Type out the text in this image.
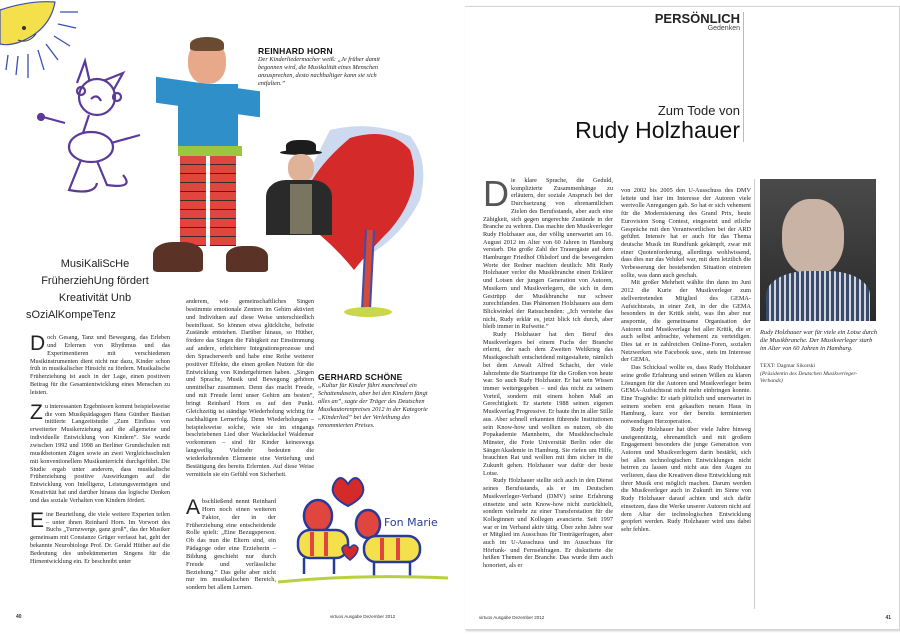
REINHARD HORN
Der Kinderliedermacher weiß: „Je früher damit begonnen wird, die Musikalität eines Menschen anzusprechen, desto nachhaltiger kann sie sich entfalten.”
GERHARD SCHÖNE
„Kultur für Kinder führt manchmal ein Schattendasein, aber bei den Kindern fängt alles an”, sagte der Träger des Deutschen Musikautorenpreises 2012 in der Kategorie „Kinderlied” bei der Verleihung des renommierten Preises.
MusiKaliScHe
FrüherziehUng fördert
Kreativität Unb
sOziAlKompeTenz

Doch Gesang, Tanz und Bewegung, das Erleben und Erlernen von Rhythmus und das Experimentieren mit verschiedenen Musikinstrumenten dient nicht nur dazu, Kinder schon früh in musikalischer Hinsicht zu fördern. Musikalische Früherziehung ist auch in der Lage, einen positiven Beitrag für die Gesamtentwicklung eines Menschen zu leisten.

Zu interessanten Ergebnissen kommt beispielsweise die vom Musikpädagogen Hans Günther Bastian initiierte Langzeitstudie „Zum Einfluss von erweiterter Musikerziehung auf die allgemeine und individuelle Entwicklung von Kindern”. Sie wurde zwischen 1992 und 1998 an Berliner Grundschulen mit musikbetonten Zügen sowie an zwei Vergleichsschulen mit konventionellem Musikunterricht durchgeführt. Die Studie ergab unter anderem, dass musikalische Früherziehung positive Auswirkungen auf die Entwicklung von Intelligenz, Leistungsvermögen und Kreativität hat und darüber hinaus das logische Denken und das soziale Verhalten von Kindern fördert.

Eine Beurteilung, die viele weitere Experten teilen – unter ihnen Reinhard Horn. Im Vorwort des Buchs „Turnzwerge, ganz groß”, das der Musiker gemeinsam mit Constanze Grüger verfasst hat, geht der bekannte Neurobiologe Prof. Dr. Gerald Hüther auf die Bedeutung des unbekümmerten Singens für die Hirnentwicklung ein. Er beschreibt unter

anderem, wie gemeinschaftliches Singen bestimmte emotionale Zentren im Gehirn aktiviert und Individuen auf diese Weise unterschiedlich beeinflusst. So können etwa glückliche, befreite Zustände entstehen. Darüber hinaus, so Hüther, fördere das Singen die Fähigkeit zur Einstimmung auf andere, erleichtere Integrationsprozesse und den Spracherwerb und habe eine Reihe weiterer positiver Effekte, die einen großen Nutzen für die Entwicklung von Kindergehirnen haben. „Singen und Sprache, Musik und Bewegung gehören unmittelbar zusammen. Denn das macht Freude, und mit Freude lernt unser Gehirn am besten”, bringt Reinhard Horn es auf den Punkt. Gleichzeitig ist ständige Wiederholung wichtig für nachhaltigen Lernerfolg. Denn Wiederholungen – beispielsweise solche, wie sie im eingangs beschriebenen Lied über Wackeldackel Waldemar vorkommen – sind für Kinder keineswegs langweilig. Vielmehr bedeuten die wiederkehrenden Elemente eine Vertiefung und Bestätigung des bereits Erlernten. Auf diese Weise vermitteln sie ein Gefühl von Sicherheit.

Abschließend nennt Reinhard Horn noch einen weiteren Faktor, der in der Früherziehung eine entscheidende Rolle spielt: „Eine Bezugsperson. Ob das nun die Eltern sind, ein Pädagoge oder eine Erzieherin – Bildung geschieht nur durch Freude und verlässliche Beziehung.” Das gelte aber nicht nur im musikalischen Bereich, sondern bei allem Lernen.

Fon Marie
40	virtuos Ausgabe Dezember 2012
PERSÖNLICH
Gedenken
Zum Tode von
Rudy Holzhauer

Die klare Sprache, die Geduld, komplizierte Zusammenhänge zu erläutern, der soziale Anspruch bei der Durchsetzung von ehrenamtlichen Zielen des Berufsstands, aber auch eine Zähigkeit, sich gegen ungerechte Zustände in der Branche zu wehren. Das machte den Musikverleger Rudy Holzhauer aus, der völlig unerwartet am 16. August 2012 im Alter von 60 Jahren in Hamburg verstarb. Die große Zahl der Trauergäste auf dem Hamburger Friedhof Ohlsdorf und die bewegenden Worte der Redner machten deutlich: Mit Rudy Holzhauer verlor die Musikbranche einen Erklärer und Lotsen der jungen Generation von Autoren, Musikern und Musikverlegern, die sich in dem Gestrüpp der Musikbranche nur schwer zurechtfanden. Das Phänomen Holzhauers aus dem Blickwinkel der Ratsuchenden: „Ich verstehe das nicht, Rudy erklär es, jetzt blick ich durch, aber bleib immer in Rufweite.”

Rudy Holzhauer hat den Beruf des Musikverlegers bei einem Fuchs der Branche erlernt, der nach dem Zweiten Weltkrieg das Musikgeschäft entscheidend mitgestaltete, nämlich bei dem Anwalt Alfred Schacht, der viele Jahrzehnte die Startrampe für die Großen von heute war. So auch Rudy Holzhauer. Er hat sein Wissen immer weitergegeben – und das nicht zu seinem Vorteil, sondern mit einem hohen Maß an Gerechtigkeit. Er startete 1988 seinen eigenen Musikverlag Progressive. Er baute ihn in aller Stille aus. Aber schnell erkannten führende Institutionen sein Know-how und wollten es nutzen, ob die Popakademie Mannheim, die Musikhochschule Münster, die Freie Universität Berlin oder die SängerAkademie in Hamburg. Sie riefen um Hilfe, brauchten Rat und wollten mit ihm sicher in die Zukunft gehen. Holzhauer war dafür der beste Lotse.

Rudy Holzhauer stellte sich auch in den Dienst seines Berufsstands, als er im Deutschen Musikverleger-Verband (DMV) seine Erfahrung einsetzte und sein Know-how nicht zurückhielt, sondern vielmehr zu einer Transferstation für die Kolleginnen und Kollegen avancierte. Seit 1997 war er im Verband aktiv tätig. Über zehn Jahre war er Mitglied im Ausschuss für Tonträgerfragen, aber auch im U-Ausschuss und im Ausschuss für Hörfunk- und Fernsehfragen. Er diskutierte die heißen Themen der Branche. Das wurde ihm auch honoriert, als er

von 2002 bis 2005 den U-Ausschuss des DMV leitete und hier im Interesse der Autoren viele wertvolle Anregungen gab. So hat er sich vehement für die Modernisierung des Grand Prix, heute Eurovision Song Contest, eingesetzt und etliche Gespräche mit den Verantwortlichen bei der ARD geführt. Intensiv hat er auch für das Thema deutsche Musik im Rundfunk gekämpft, zwar mit einer Quotenforderung, allerdings wohlwissend, dass dies nur das Vehikel war, mit dem letztlich die Verbesserung der bestehenden Situation eintreten sollte, was dann auch geschah.

Mit großer Mehrheit wählte ihn dann im Juni 2012 die Kurie der Musikverleger zum stellvertretenden Mitglied des GEMA-Aufsichtsrats, in einer Zeit, in der die GEMA besonders in der Kritik steht, was ihn aber nur anspornte, die gemeinsame Organisation der Autoren und Musikverlage bei aller Kritik, die er auch selbst anbrachte, vehement zu verteidigen. Dies tat er in zahlreichen Online-Foren, sozialen Netzwerken wie Facebook usw., stets im Interesse der GEMA.

Das Schicksal wollte es, dass Rudy Holzhauer seine große Erfahrung und seinen Willen zu klaren Lösungen für die Autoren und Musikverleger beim GEMA-Aufsichtsrat nicht mehr einbringen konnte. Eine Tragödie: Er starb plötzlich und unerwartet in seinem soeben erst gekauften neuen Haus in Hamburg, kurz vor der bereits terminierten notwendigen Herzoperation.

Rudy Holzhauer hat über viele Jahre hinweg uneigennützig, ehrenamtlich und mit großem Engagement besonders die junge Generation von Autoren und Musikverlegern darin bestärkt, sich bei allen technologischen Entwicklungen nicht beirren zu lassen und nicht aus den Augen zu verlieren, dass die Kreativen diese Entwicklung mit ihrer Musik erst möglich machen. Darum werden die Musikverleger auch in Zukunft im Sinne von Rudy Holzhauer darauf achten und sich dafür einsetzen, dass die Werke unserer Autoren nicht auf dem Altar der technologischen Entwicklung geopfert werden. Rudy Holzhauer wird uns dabei sehr fehlen.

Rudy Holzhauer war für viele ein Lotse durch die Musikbranche. Der Musikverleger starb im Alter von 60 Jahren in Hamburg.
TEXT: Dagmar Sikorski
(Präsidentin des Deutschen Musikverleger-Verbands)
virtuos Ausgabe Dezember 2012	41
